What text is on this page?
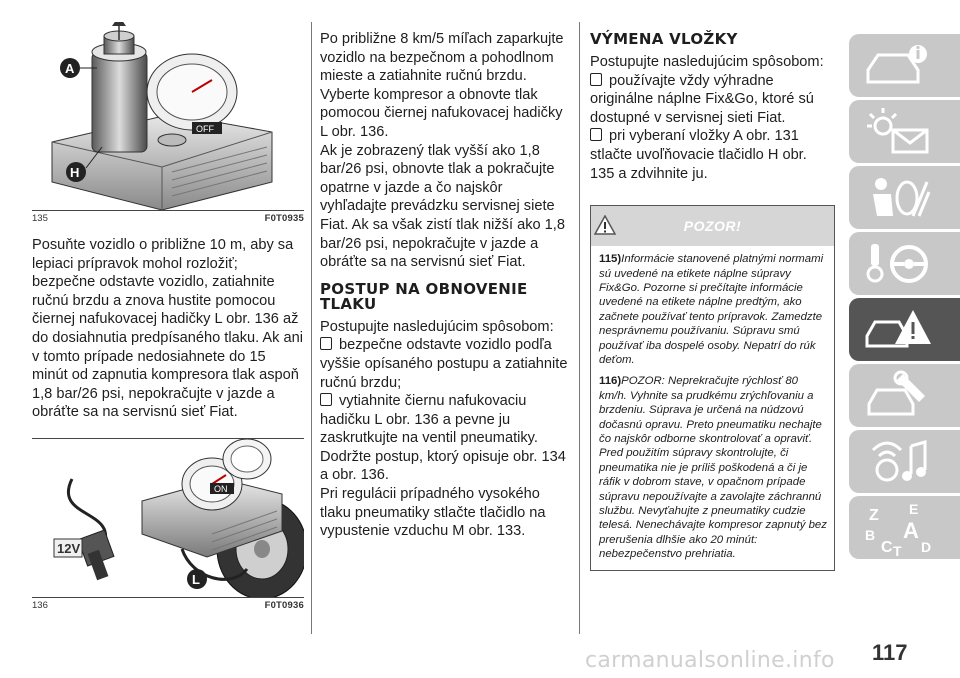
OFF
A
H
135	F0T0935

Posuňte vozidlo o približne 10 m, aby sa lepiaci prípravok mohol rozložiť; bezpečne odstavte vozidlo, zatiahnite ručnú brzdu a znova hustite pomocou čiernej nafukovacej hadičky L obr. 136 až do dosiahnutia predpísaného tlaku. Ak ani v tomto prípade nedosiahnete do 15 minút od zapnutia kompresora tlak aspoň 1,8 bar/26 psi, nepokračujte v jazde a obráťte sa na servisnú sieť Fiat.

ON
12V
L
136	F0T0936

Po približne 8 km/5 míľach zaparkujte vozidlo na bezpečnom a pohodlnom mieste a zatiahnite ručnú brzdu. Vyberte kompresor a obnovte tlak pomocou čiernej nafukovacej hadičky L obr. 136.

Ak je zobrazený tlak vyšší ako 1,8 bar/26 psi, obnovte tlak a pokračujte opatrne v jazde a čo najskôr vyhľadajte prevádzku servisnej siete Fiat. Ak sa však zistí tlak nižší ako 1,8 bar/26 psi, nepokračujte v jazde a obráťte sa na servisnú sieť Fiat.

POSTUP NA OBNOVENIE TLAKU

Postupujte nasledujúcim spôsobom:

bezpečne odstavte vozidlo podľa vyššie opísaného postupu a zatiahnite ručnú brzdu;

vytiahnite čiernu nafukovaciu hadičku L obr. 136 a pevne ju zaskrutkujte na ventil pneumatiky. Dodržte postup, ktorý opisuje obr. 134 a obr. 136.

Pri regulácii prípadného vysokého tlaku pneumatiky stlačte tlačidlo na vypustenie vzduchu M obr. 133.

VÝMENA VLOŽKY

Postupujte nasledujúcim spôsobom:

používajte vždy výhradne originálne náplne Fix&Go, ktoré sú dostupné v servisnej sieti Fiat.

pri vyberaní vložky A obr. 131 stlačte uvoľňovacie tlačidlo H obr. 135 a zdvihnite ju.

POZOR!

115)Informácie stanovené platnými normami sú uvedené na etikete náplne súpravy Fix&Go. Pozorne si prečítajte informácie uvedené na etikete náplne predtým, ako začnete používať tento prípravok. Zamedzte nesprávnemu používaniu. Súpravu smú používať iba dospelé osoby. Nepatrí do rúk deťom.

116)POZOR: Neprekračujte rýchlosť 80 km/h. Vyhnite sa prudkému zrýchľovaniu a brzdeniu. Súprava je určená na núdzovú dočasnú opravu. Preto pneumatiku nechajte čo najskôr odborne skontrolovať a opraviť. Pred použitím súpravy skontrolujte, či pneumatika nie je príliš poškodená a či je ráfik v dobrom stave, v opačnom prípade súpravu nepoužívajte a zavolajte záchrannú službu. Nevyťahujte z pneumatiky cudzie telesá. Nenechávajte kompresor zapnutý bez prerušenia dlhšie ako 20 minút: nebezpečenstvo prehriatia.

Z E
B A
C T D
carmanualsonline.info 117
